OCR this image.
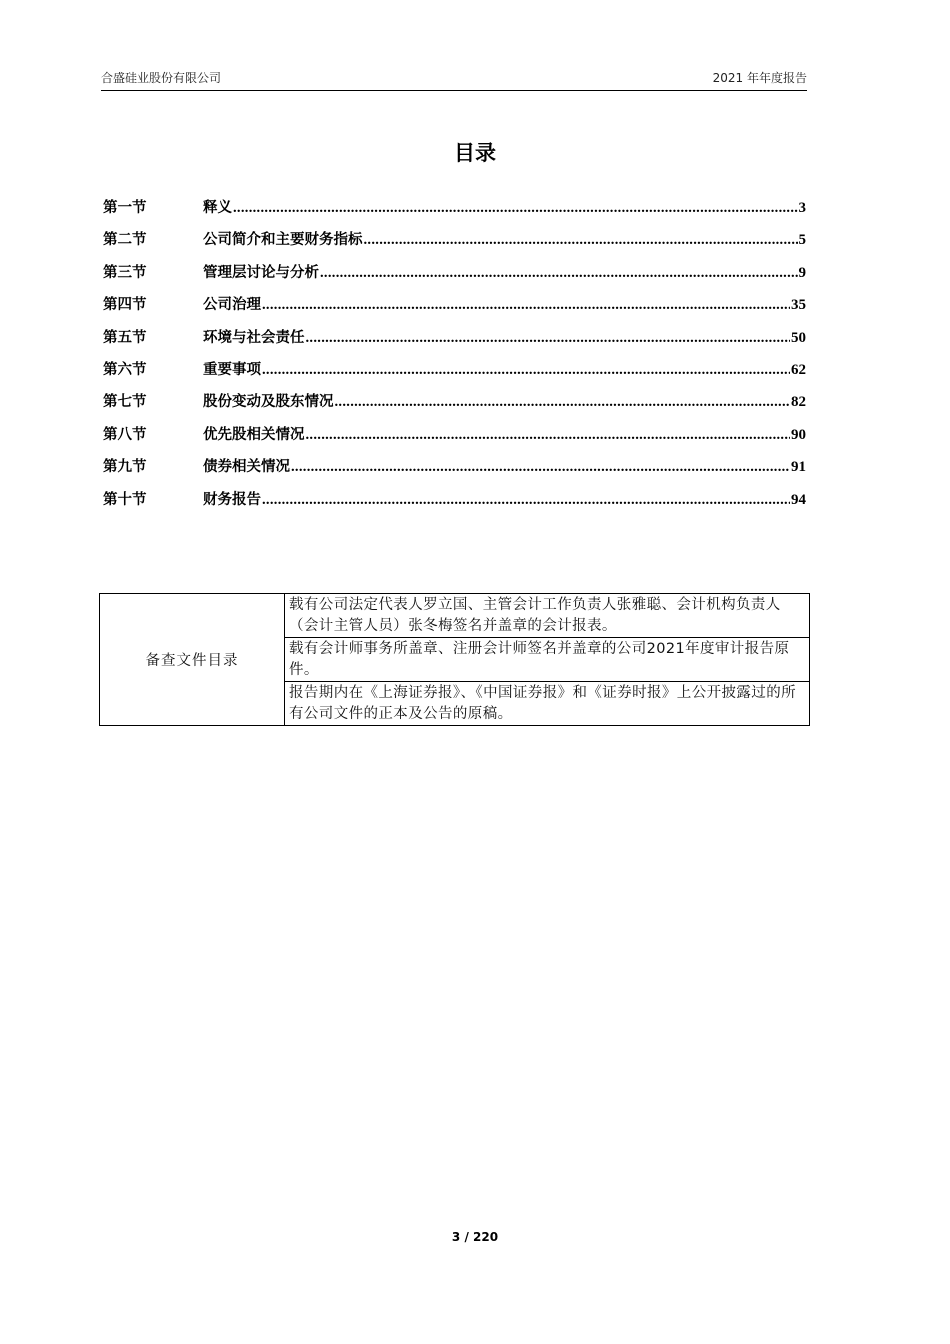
合盛硅业股份有限公司	2021 年年度报告
目录
第一节	释义 .....	3
第二节	公司简介和主要财务指标 .....	5
第三节	管理层讨论与分析 .....	9
第四节	公司治理 .....	35
第五节	环境与社会责任 .....	50
第六节	重要事项 .....	62
第七节	股份变动及股东情况 .....	82
第八节	优先股相关情况 .....	90
第九节	债券相关情况 .....	91
第十节	财务报告 .....	94
备查文件目录	载有公司法定代表人罗立国、主管会计工作负责人张雅聪、会计机构负责人（会计主管人员）张冬梅签名并盖章的会计报表。
载有会计师事务所盖章、注册会计师签名并盖章的公司2021年度审计报告原件。
报告期内在《上海证券报》、《中国证券报》和《证券时报》上公开披露过的所有公司文件的正本及公告的原稿。
3 / 220
